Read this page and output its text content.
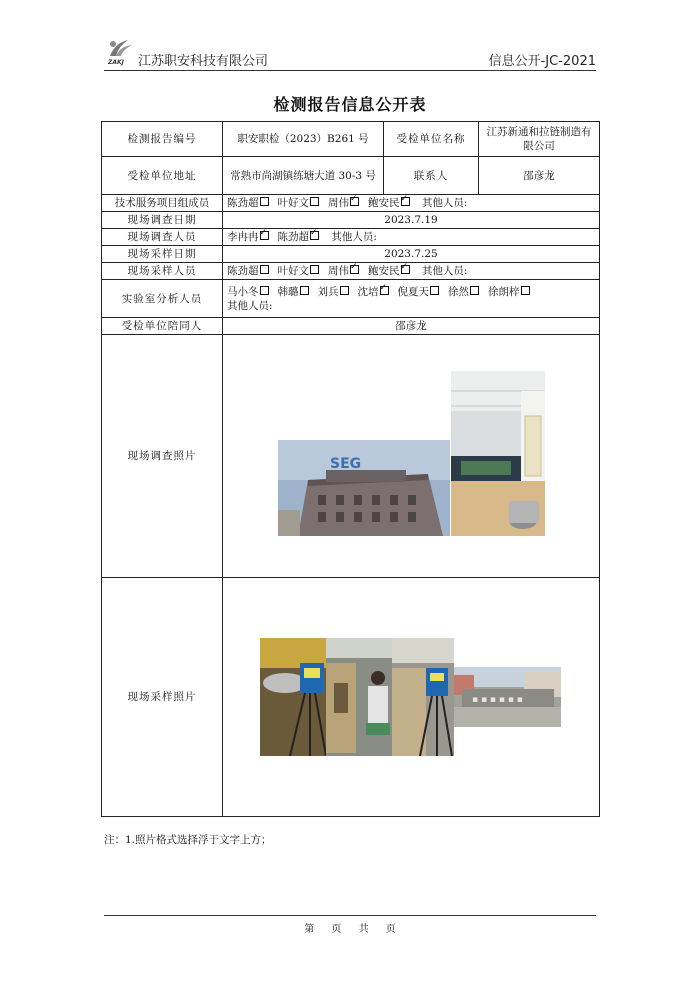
ZAKJ 江苏职安科技有限公司	信息公开-JC-2021
检测报告信息公开表
检测报告编号	职安职检（2023）B261 号	受检单位名称	江苏新通和拉链制造有限公司
受检单位地址	常熟市尚湖镇练塘大道 30-3 号	联系人	邵彦龙
技术服务项目组成员	陈劲超 叶好文 周伟 ✓ 鲍安民 ✓ 其他人员:
现场调查日期	2023.7.19		
现场调查人员	李冉冉 ✓ 陈劲超 ✓ 其他人员:
现场采样日期	2023.7.25		
现场采样人员	陈劲超 叶好文 周伟 ✓ 鲍安民 ✓ 其他人员:
实验室分析人员	马小冬 韩璐 刘兵 沈培 ✓ 倪夏天 徐然 徐朗梓
其他人员:

受检单位陪同人	邵彦龙		
现场调查照片	SEG		

现场采样照片	▪ ▪ ▪ ▪ ▪ ▪		
注：1.照片格式选择浮于文字上方；
第 页 共 页
